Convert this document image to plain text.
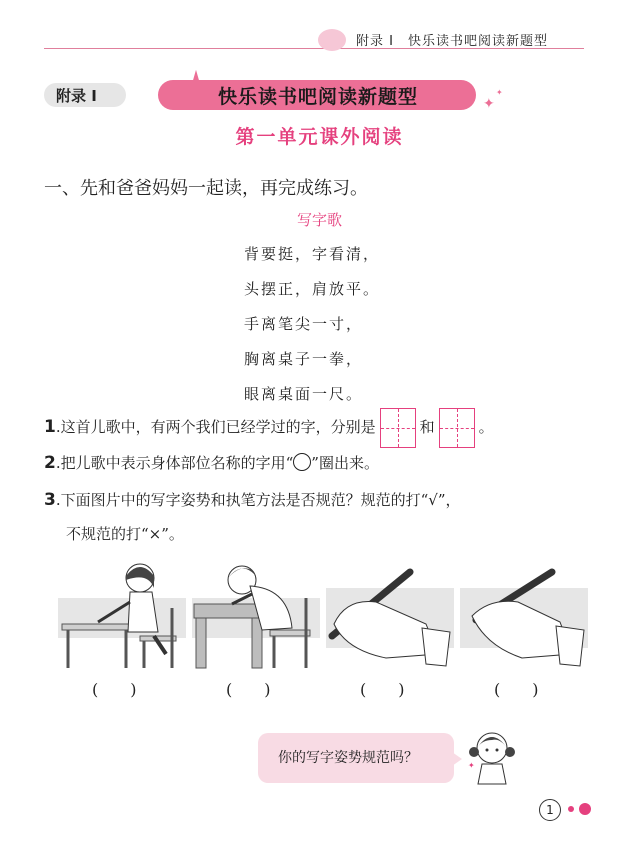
附录 I　快乐读书吧阅读新题型
附录 I	快乐读书吧阅读新题型	✦
✦
第一单元课外阅读
一、先和爸爸妈妈一起读，再完成练习。
写字歌
背要挺，字看清，
头摆正，肩放平。
手离笔尖一寸，
胸离桌子一拳，
眼离桌面一尺。
1.这首儿歌中，有两个我们已经学过的字，分别是	和	。
2.把儿歌中表示身体部位名称的字用“ ”圈出来。
3.下面图片中的写字姿势和执笔方法是否规范？规范的打“√”，
不规范的打“×”。
(　　)	(　　)	(　　)	(　　)
你的写字姿势规范吗？	✦
1
